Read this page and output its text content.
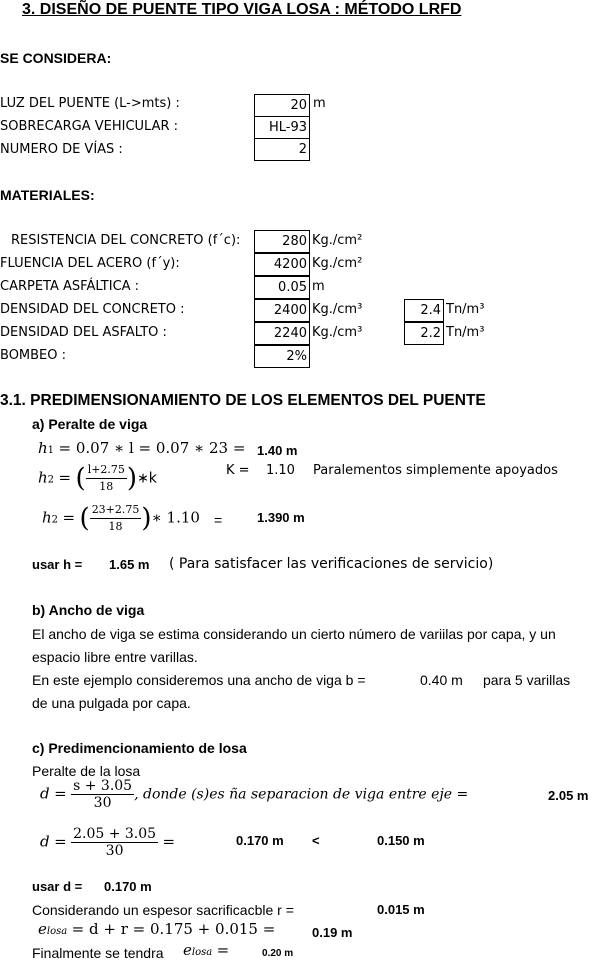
3. DISEÑO DE PUENTE TIPO VIGA LOSA : MÉTODO LRFD
SE CONSIDERA:
LUZ DEL PUENTE (L->mts) :	20 m
SOBRECARGA VEHICULAR :	HL-93
NUMERO DE VÍAS :	2
MATERIALES:
RESISTENCIA DEL CONCRETO (f´c):	280 Kg./cm²
FLUENCIA DEL ACERO (f´y):	4200 Kg./cm²
CARPETA ASFÁLTICA :	0.05 m
DENSIDAD DEL CONCRETO :	2400 Kg./cm³	2.4 Tn/m³
DENSIDAD DEL ASFALTO :	2240 Kg./cm³	2.2 Tn/m³
BOMBEO :	2%
3.1. PREDIMENSIONAMIENTO DE LOS ELEMENTOS DEL PUENTE
a) Peralte de viga
h1 = 0.07 ∗ l = 0.07 ∗ 23 = 1.40 m
h2 = ( $\frac{l+2.75}{18}$ )∗k
K = 1.10 Paralementos simplemente apoyados
h2 = ( $\frac{23+2.75}{18}$ )∗ 1.10 =	1.390 m
usar h = 1.65 m ( Para satisfacer las verificaciones de servicio)
b) Ancho de viga
El ancho de viga se estima considerando un cierto número de variilas por capa, y un
espacio libre entre varillas.
En este ejemplo consideremos una ancho de viga b =	0.40 m para 5 varillas
de una pulgada por capa.
c) Predimencionamiento de losa
Peralte de la losa
$d = \frac{s + 3.05}{30}$ , donde (s)es ña separacion de viga entre eje =	2.05 m
$d = \frac{2.05 + 3.05}{30}$ =	0.170 m <	0.150 m
usar d = 0.170 m
Considerando un espesor sacrificacble r =	0.015 m
elosa = d + r = 0.175 + 0.015 =	0.19 m
Finalmente se tendra elosa =	0.20 m
